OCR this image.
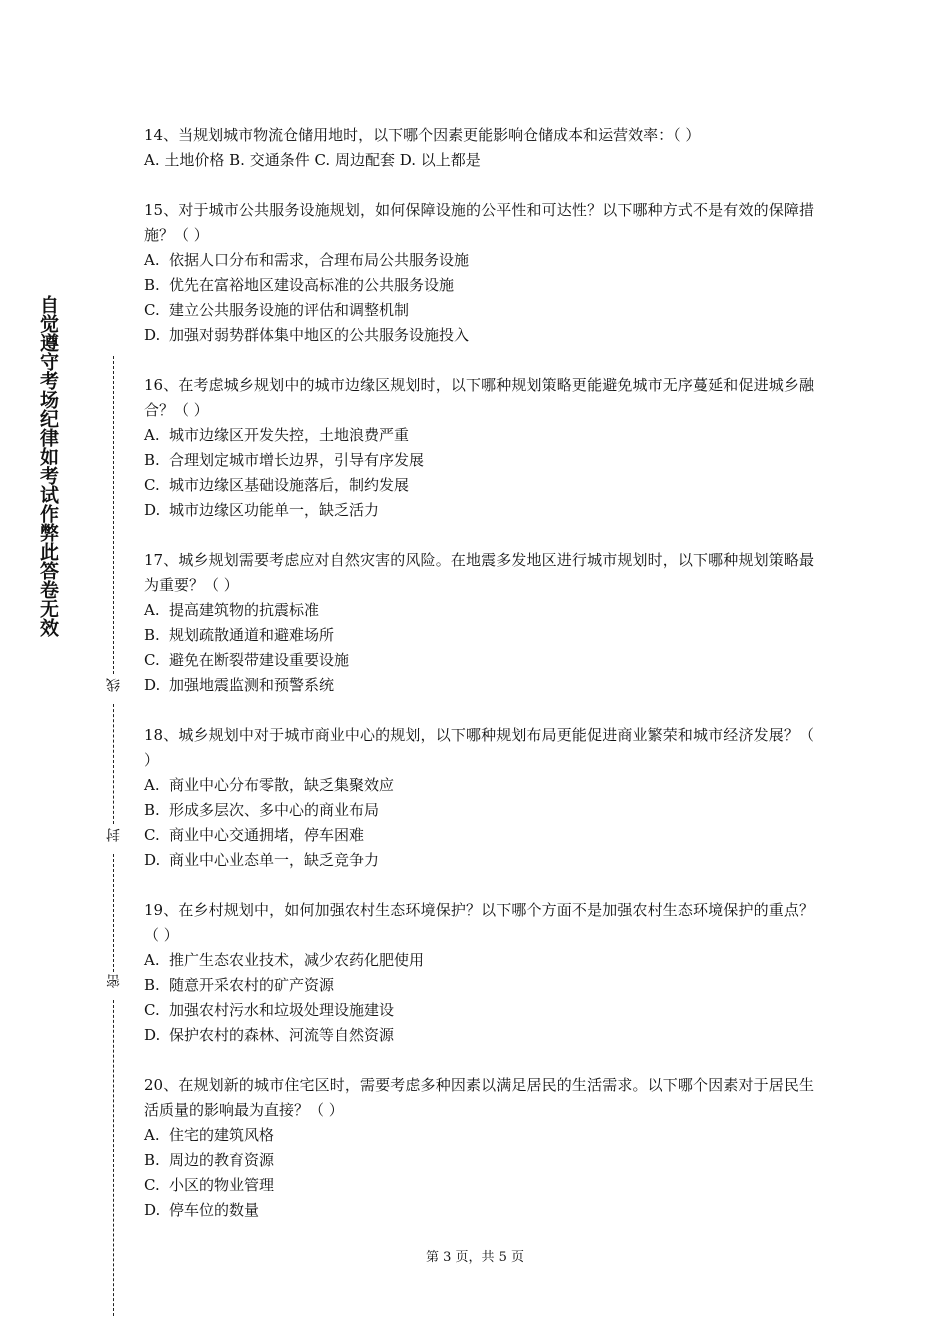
自觉遵守考场纪律如考试作弊此答卷无效
线
封
密

14、当规划城市物流仓储用地时，以下哪个因素更能影响仓储成本和运营效率：（ ）

A. 土地价格 B. 交通条件 C. 周边配套 D. 以上都是

15、对于城市公共服务设施规划，如何保障设施的公平性和可达性？以下哪种方式不是有效的保障措施？（ ）

A. 依据人口分布和需求，合理布局公共服务设施

B. 优先在富裕地区建设高标准的公共服务设施

C. 建立公共服务设施的评估和调整机制

D. 加强对弱势群体集中地区的公共服务设施投入

16、在考虑城乡规划中的城市边缘区规划时，以下哪种规划策略更能避免城市无序蔓延和促进城乡融合？（ ）

A. 城市边缘区开发失控，土地浪费严重

B. 合理划定城市增长边界，引导有序发展

C. 城市边缘区基础设施落后，制约发展

D. 城市边缘区功能单一，缺乏活力

17、城乡规划需要考虑应对自然灾害的风险。在地震多发地区进行城市规划时，以下哪种规划策略最为重要？（ ）

A. 提高建筑物的抗震标准

B. 规划疏散通道和避难场所

C. 避免在断裂带建设重要设施

D. 加强地震监测和预警系统

18、城乡规划中对于城市商业中心的规划，以下哪种规划布局更能促进商业繁荣和城市经济发展？（ ）

A. 商业中心分布零散，缺乏集聚效应

B. 形成多层次、多中心的商业布局

C. 商业中心交通拥堵，停车困难

D. 商业中心业态单一，缺乏竞争力

19、在乡村规划中，如何加强农村生态环境保护？以下哪个方面不是加强农村生态环境保护的重点？（ ）

A. 推广生态农业技术，减少农药化肥使用

B. 随意开采农村的矿产资源

C. 加强农村污水和垃圾处理设施建设

D. 保护农村的森林、河流等自然资源

20、在规划新的城市住宅区时，需要考虑多种因素以满足居民的生活需求。以下哪个因素对于居民生活质量的影响最为直接？（ ）

A. 住宅的建筑风格

B. 周边的教育资源

C. 小区的物业管理

D. 停车位的数量

第 3 页，共 5 页
